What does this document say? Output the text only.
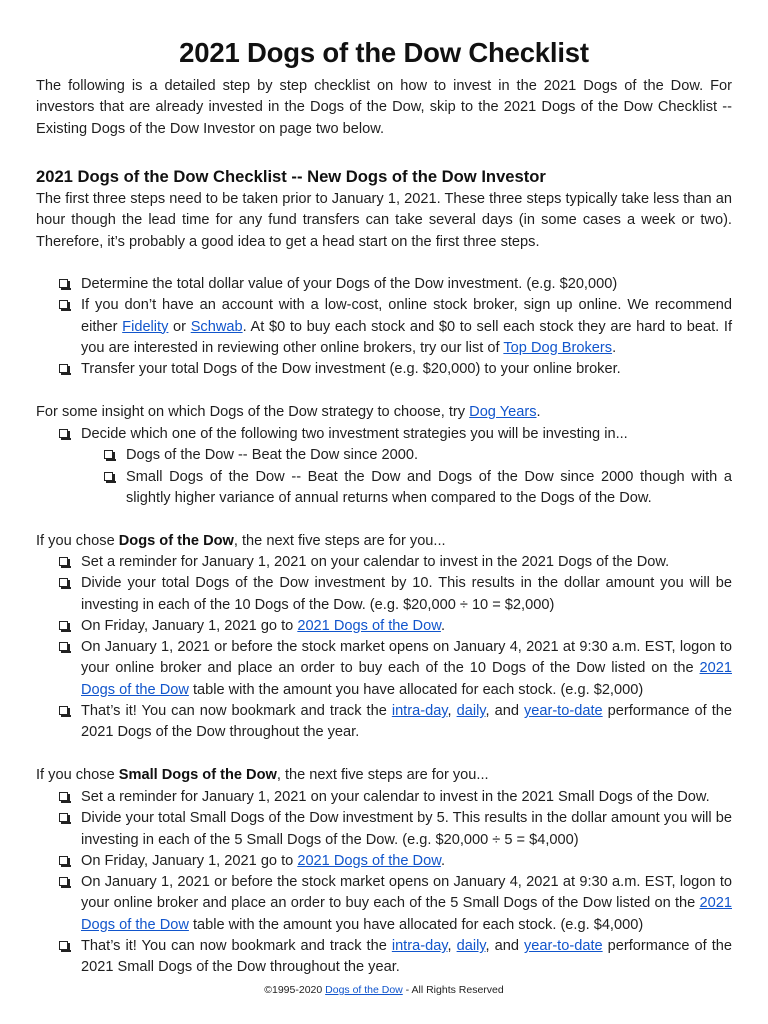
2021 Dogs of the Dow Checklist
The following is a detailed step by step checklist on how to invest in the 2021 Dogs of the Dow. For investors that are already invested in the Dogs of the Dow, skip to the 2021 Dogs of the Dow Checklist -- Existing Dogs of the Dow Investor on page two below.
2021 Dogs of the Dow Checklist -- New Dogs of the Dow Investor
The first three steps need to be taken prior to January 1, 2021. These three steps typically take less than an hour though the lead time for any fund transfers can take several days (in some cases a week or two). Therefore, it’s probably a good idea to get a head start on the first three steps.
Determine the total dollar value of your Dogs of the Dow investment. (e.g. $20,000)
If you don’t have an account with a low-cost, online stock broker, sign up online. We recommend either Fidelity or Schwab. At $0 to buy each stock and $0 to sell each stock they are hard to beat. If you are interested in reviewing other online brokers, try our list of Top Dog Brokers.
Transfer your total Dogs of the Dow investment (e.g. $20,000) to your online broker.
For some insight on which Dogs of the Dow strategy to choose, try Dog Years.
Decide which one of the following two investment strategies you will be investing in...
Dogs of the Dow -- Beat the Dow since 2000.
Small Dogs of the Dow -- Beat the Dow and Dogs of the Dow since 2000 though with a slightly higher variance of annual returns when compared to the Dogs of the Dow.
If you chose Dogs of the Dow, the next five steps are for you...
Set a reminder for January 1, 2021 on your calendar to invest in the 2021 Dogs of the Dow.
Divide your total Dogs of the Dow investment by 10. This results in the dollar amount you will be investing in each of the 10 Dogs of the Dow. (e.g. $20,000 ÷ 10 = $2,000)
On Friday, January 1, 2021 go to 2021 Dogs of the Dow.
On January 1, 2021 or before the stock market opens on January 4, 2021 at 9:30 a.m. EST, logon to your online broker and place an order to buy each of the 10 Dogs of the Dow listed on the 2021 Dogs of the Dow table with the amount you have allocated for each stock. (e.g. $2,000)
That’s it! You can now bookmark and track the intra-day, daily, and year-to-date performance of the 2021 Dogs of the Dow throughout the year.
If you chose Small Dogs of the Dow, the next five steps are for you...
Set a reminder for January 1, 2021 on your calendar to invest in the 2021 Small Dogs of the Dow.
Divide your total Small Dogs of the Dow investment by 5. This results in the dollar amount you will be investing in each of the 5 Small Dogs of the Dow. (e.g. $20,000 ÷ 5 = $4,000)
On Friday, January 1, 2021 go to 2021 Dogs of the Dow.
On January 1, 2021 or before the stock market opens on January 4, 2021 at 9:30 a.m. EST, logon to your online broker and place an order to buy each of the 5 Small Dogs of the Dow listed on the 2021 Dogs of the Dow table with the amount you have allocated for each stock. (e.g. $4,000)
That’s it! You can now bookmark and track the intra-day, daily, and year-to-date performance of the 2021 Small Dogs of the Dow throughout the year.
©1995-2020 Dogs of the Dow - All Rights Reserved
